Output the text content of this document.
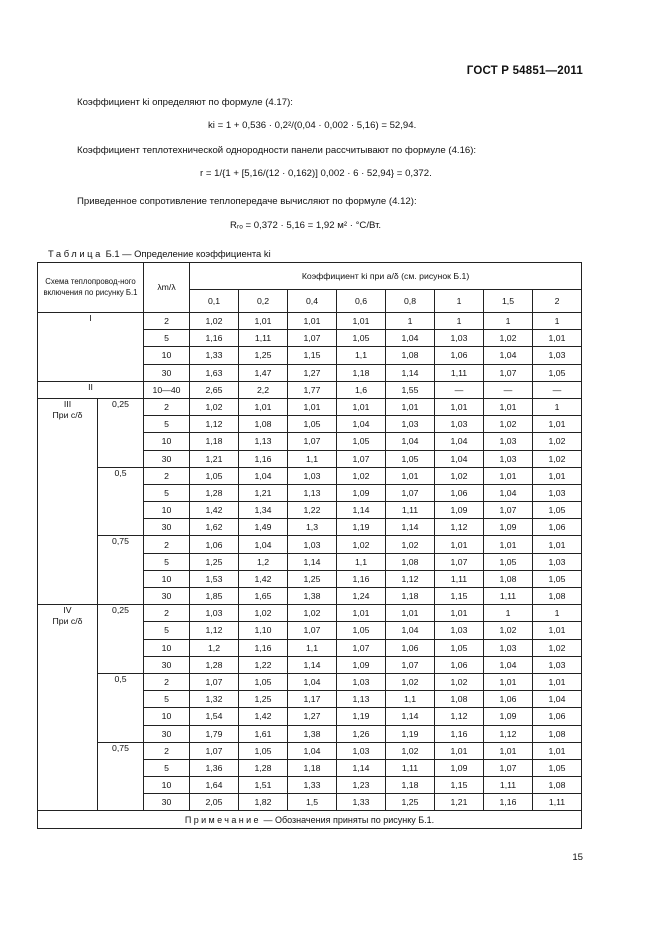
ГОСТ Р 54851—2011
Коэффициент kі определяют по формуле (4.17):
kі = 1 + 0,536 · 0,2²/(0,04 · 0,002 · 5,16) = 52,94.
Коэффициент теплотехнической однородности панели рассчитывают по формуле (4.16):
r = 1/{1 + [5,16/(12 · 0,162)] 0,002 · 6 · 52,94} = 0,372.
Приведенное сопротивление теплопередаче вычисляют по формуле (4.12):
Rᵣₒ = 0,372 · 5,16 = 1,92 м² · °С/Вт.
Таблица Б.1 — Определение коэффициента kі
Схема теплопровод-ного включения по рисунку Б.1		λm/λ	Коэффициент kі при a/δ (см. рисунок Б.1)							
			0,1	0,2	0,4	0,6	0,8	1	1,5	2
I		2	1,02	1,01	1,01	1,01	1	1	1	1
		5	1,16	1,11	1,07	1,05	1,04	1,03	1,02	1,01
		10	1,33	1,25	1,15	1,1	1,08	1,06	1,04	1,03
		30	1,63	1,47	1,27	1,18	1,14	1,11	1,07	1,05
II		10—40	2,65	2,2	1,77	1,6	1,55	—	—	—

III
При c/δ	0,25	2	1,02	1,01	1,01	1,01	1,01	1,01	1,01	1
		5	1,12	1,08	1,05	1,04	1,03	1,03	1,02	1,01
		10	1,18	1,13	1,07	1,05	1,04	1,04	1,03	1,02
		30	1,21	1,16	1,1	1,07	1,05	1,04	1,03	1,02
	0,5	2	1,05	1,04	1,03	1,02	1,01	1,02	1,01	1,01
		5	1,28	1,21	1,13	1,09	1,07	1,06	1,04	1,03
		10	1,42	1,34	1,22	1,14	1,11	1,09	1,07	1,05
		30	1,62	1,49	1,3	1,19	1,14	1,12	1,09	1,06
	0,75	2	1,06	1,04	1,03	1,02	1,02	1,01	1,01	1,01
		5	1,25	1,2	1,14	1,1	1,08	1,07	1,05	1,03
		10	1,53	1,42	1,25	1,16	1,12	1,11	1,08	1,05
		30	1,85	1,65	1,38	1,24	1,18	1,15	1,11	1,08

IV
При c/δ	0,25	2	1,03	1,02	1,02	1,01	1,01	1,01	1	1
		5	1,12	1,10	1,07	1,05	1,04	1,03	1,02	1,01
		10	1,2	1,16	1,1	1,07	1,06	1,05	1,03	1,02
		30	1,28	1,22	1,14	1,09	1,07	1,06	1,04	1,03
	0,5	2	1,07	1,05	1,04	1,03	1,02	1,02	1,01	1,01
		5	1,32	1,25	1,17	1,13	1,1	1,08	1,06	1,04
		10	1,54	1,42	1,27	1,19	1,14	1,12	1,09	1,06
		30	1,79	1,61	1,38	1,26	1,19	1,16	1,12	1,08
	0,75	2	1,07	1,05	1,04	1,03	1,02	1,01	1,01	1,01
		5	1,36	1,28	1,18	1,14	1,11	1,09	1,07	1,05
		10	1,64	1,51	1,33	1,23	1,18	1,15	1,11	1,08
		30	2,05	1,82	1,5	1,33	1,25	1,21	1,16	1,11
Примечание — Обозначения приняты по рисунку Б.1.										
15
